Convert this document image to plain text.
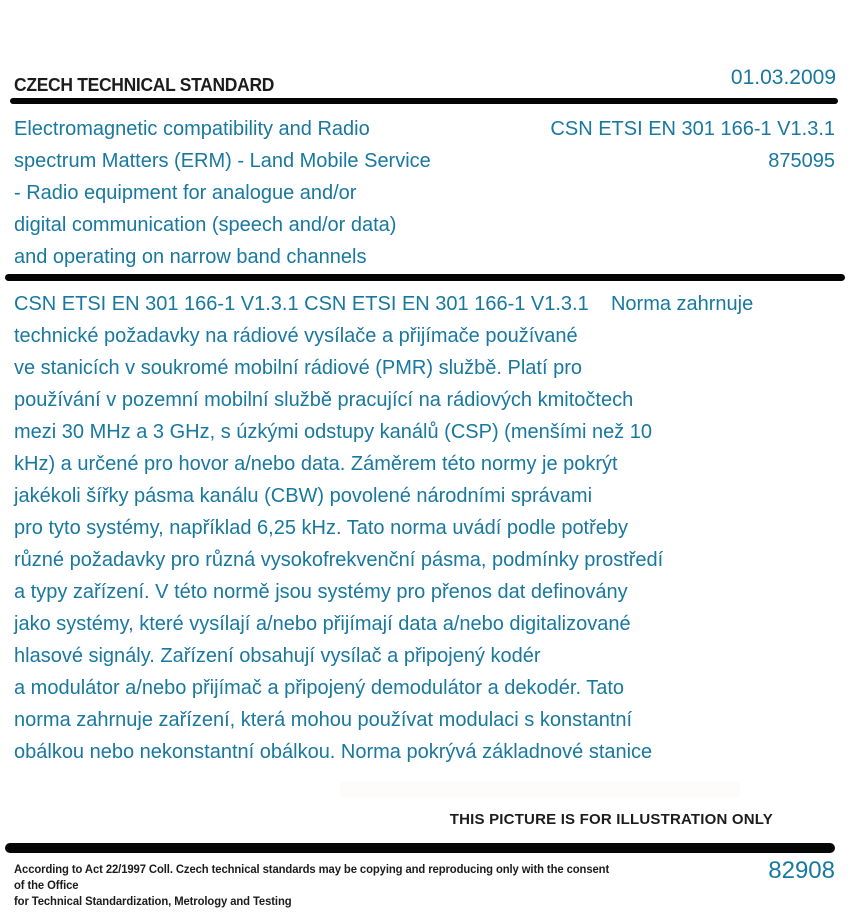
CZECH TECHNICAL STANDARD	01.03.2009
Electromagnetic compatibility and Radio
spectrum Matters (ERM) - Land Mobile Service
- Radio equipment for analogue and/or
digital communication (speech and/or data)
and operating on narrow band channels
CSN ETSI EN 301 166-1 V1.3.1
875095
CSN ETSI EN 301 166-1 V1.3.1 CSN ETSI EN 301 166-1 V1.3.1    Norma zahrnuje
technické požadavky na rádiové vysílače a přijímače používané
ve stanicích v soukromé mobilní rádiové (PMR) službě. Platí pro
používání v pozemní mobilní službě pracující na rádiových kmitočtech
mezi 30 MHz a 3 GHz, s úzkými odstupy kanálů (CSP) (menšími než 10
kHz) a určené pro hovor a/nebo data. Záměrem této normy je pokrýt
jakékoli šířky pásma kanálu (CBW) povolené národními správami
pro tyto systémy, například 6,25 kHz. Tato norma uvádí podle potřeby
různé požadavky pro různá vysokofrekvenční pásma, podmínky prostředí
a typy zařízení. V této normě jsou systémy pro přenos dat definovány
jako systémy, které vysílají a/nebo přijímají data a/nebo digitalizované
hlasové signály. Zařízení obsahují vysílač a připojený kodér
a modulátor a/nebo přijímač a připojený demodulátor a dekodér. Tato
norma zahrnuje zařízení, která mohou používat modulaci s konstantní
obálkou nebo nekonstantní obálkou. Norma pokrývá základnové stanice
THIS PICTURE IS FOR ILLUSTRATION ONLY
According to Act 22/1997 Coll. Czech technical standards may be copying and reproducing only with the consent of the Office
for Technical Standardization, Metrology and Testing
82908
